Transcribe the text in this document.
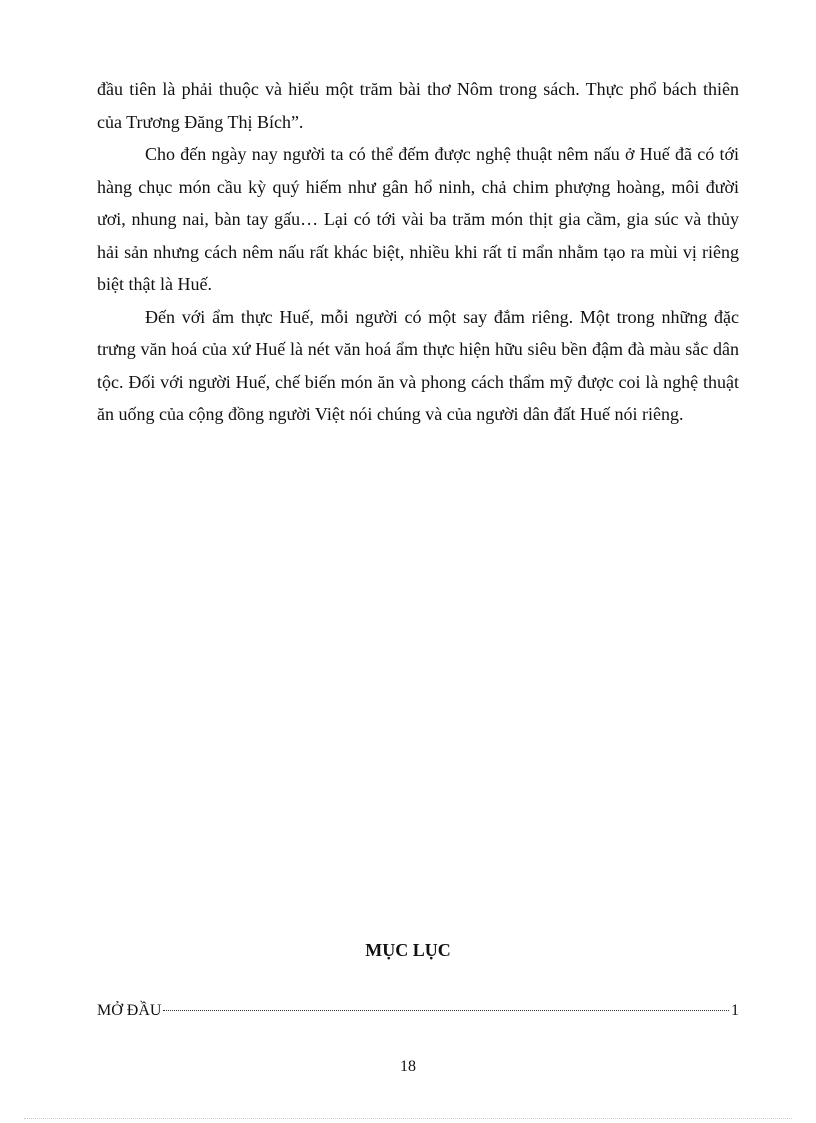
đầu tiên là phải thuộc và hiểu một trăm bài thơ Nôm trong sách. Thực phổ bách thiên của Trương Đăng Thị Bích”.

Cho đến ngày nay người ta có thể đếm được nghệ thuật nêm nấu ở Huế đã có tới hàng chục món cầu kỳ quý hiếm như gân hổ ninh, chả chim phượng hoàng, môi đười ươi, nhung nai, bàn tay gấu… Lại có tới vài ba trăm món thịt gia cầm, gia súc và thủy hải sản nhưng cách nêm nấu rất khác biệt, nhiều khi rất tỉ mẩn nhằm tạo ra mùi vị riêng biệt thật là Huế.

Đến với ẩm thực Huế, mỗi người có một say đắm riêng. Một trong những đặc trưng văn hoá của xứ Huế là nét văn hoá ẩm thực hiện hữu siêu bền đậm đà màu sắc dân tộc. Đối với người Huế, chế biến món ăn và phong cách thẩm mỹ được coi là nghệ thuật ăn uống của cộng đồng người Việt nói chúng và của người dân đất Huế nói riêng.

MỤC LỤC
MỞ ĐẦU	1
18
